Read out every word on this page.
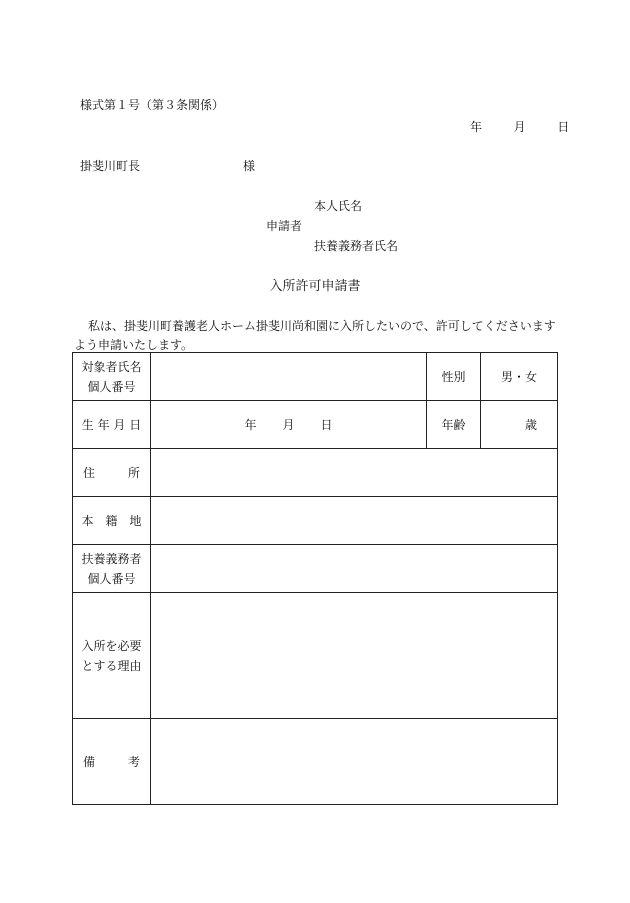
様式第１号（第３条関係）
年	月	日
掛斐川町長	様
本人氏名
申請者
扶養義務者氏名
入所許可申請書
私は、掛斐川町養護老人ホーム掛斐川尚和園に入所したいので、許可してくださいます
よう申請いたします。
対象者氏名
個人番号		性別	男・女
生 年 月 日	年 月 日	年齢	歳

住 所			

本　籍　地			

扶養義務者
個人番号			

入所を必要
とする理由			

備 考			
